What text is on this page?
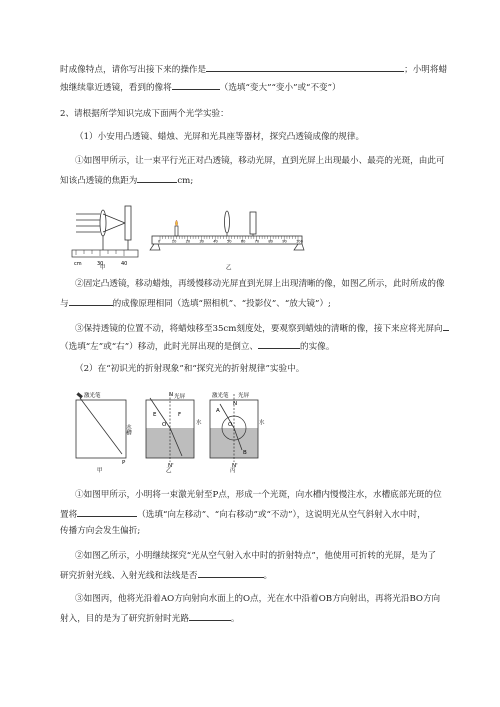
时成像特点，请你写出接下来的操作是	；小明将蜡
烛继续靠近透镜，看到的像将	（选填“变大”“变小”或“不变”）
2、请根据所学知识完成下面两个光学实验：
（1）小安用凸透镜、蜡烛、光屏和光具座等器材，探究凸透镜成像的规律。
①如图甲所示，让一束平行光正对凸透镜，移动光屏，直到光屏上出现最小、最亮的光斑，由此可
知该凸透镜的焦距为	cm;
cm	30	40
0	10	20	30	40	50	60	70	80	90	100
甲	乙
②固定凸透镜，移动蜡烛，再缓慢移动光屏直到光屏上出现清晰的像，如图乙所示，此时所成的像
与	的成像原理相同（选填“照相机”、“投影仪”、“放大镜”）;
③保持透镜的位置不动，将蜡烛移至35cm刻度处，要观察到蜡烛的清晰的像，接下来应将光屏向
（选填“左”或“右”）移动，此时光屏出现的是倒立、	的实像。
（2）在“初识光的折射现象”和“探究光的折射规律”实验中。
激光笔
水槽
P
甲
N 光屏
O
E	F
水
N'
乙
激光笔 光屏
N
A
O
B
水
N'
丙
①如图甲所示，小明将一束激光射至P点，形成一个光斑，向水槽内慢慢注水，水槽底部光斑的位
置将	（选填“向左移动”、“向右移动”或“不动”），这说明光从空气斜射入水中时，
传播方向会发生偏折;
②如图乙所示，小明继续探究“光从空气射入水中时的折射特点”，他使用可折转的光屏，是为了
研究折射光线、入射光线和法线是否	。
③如图丙，他将光沿着AO方向射向水面上的O点，光在水中沿着OB方向射出，再将光沿BO方向
射入，目的是为了研究折射时光路	。
